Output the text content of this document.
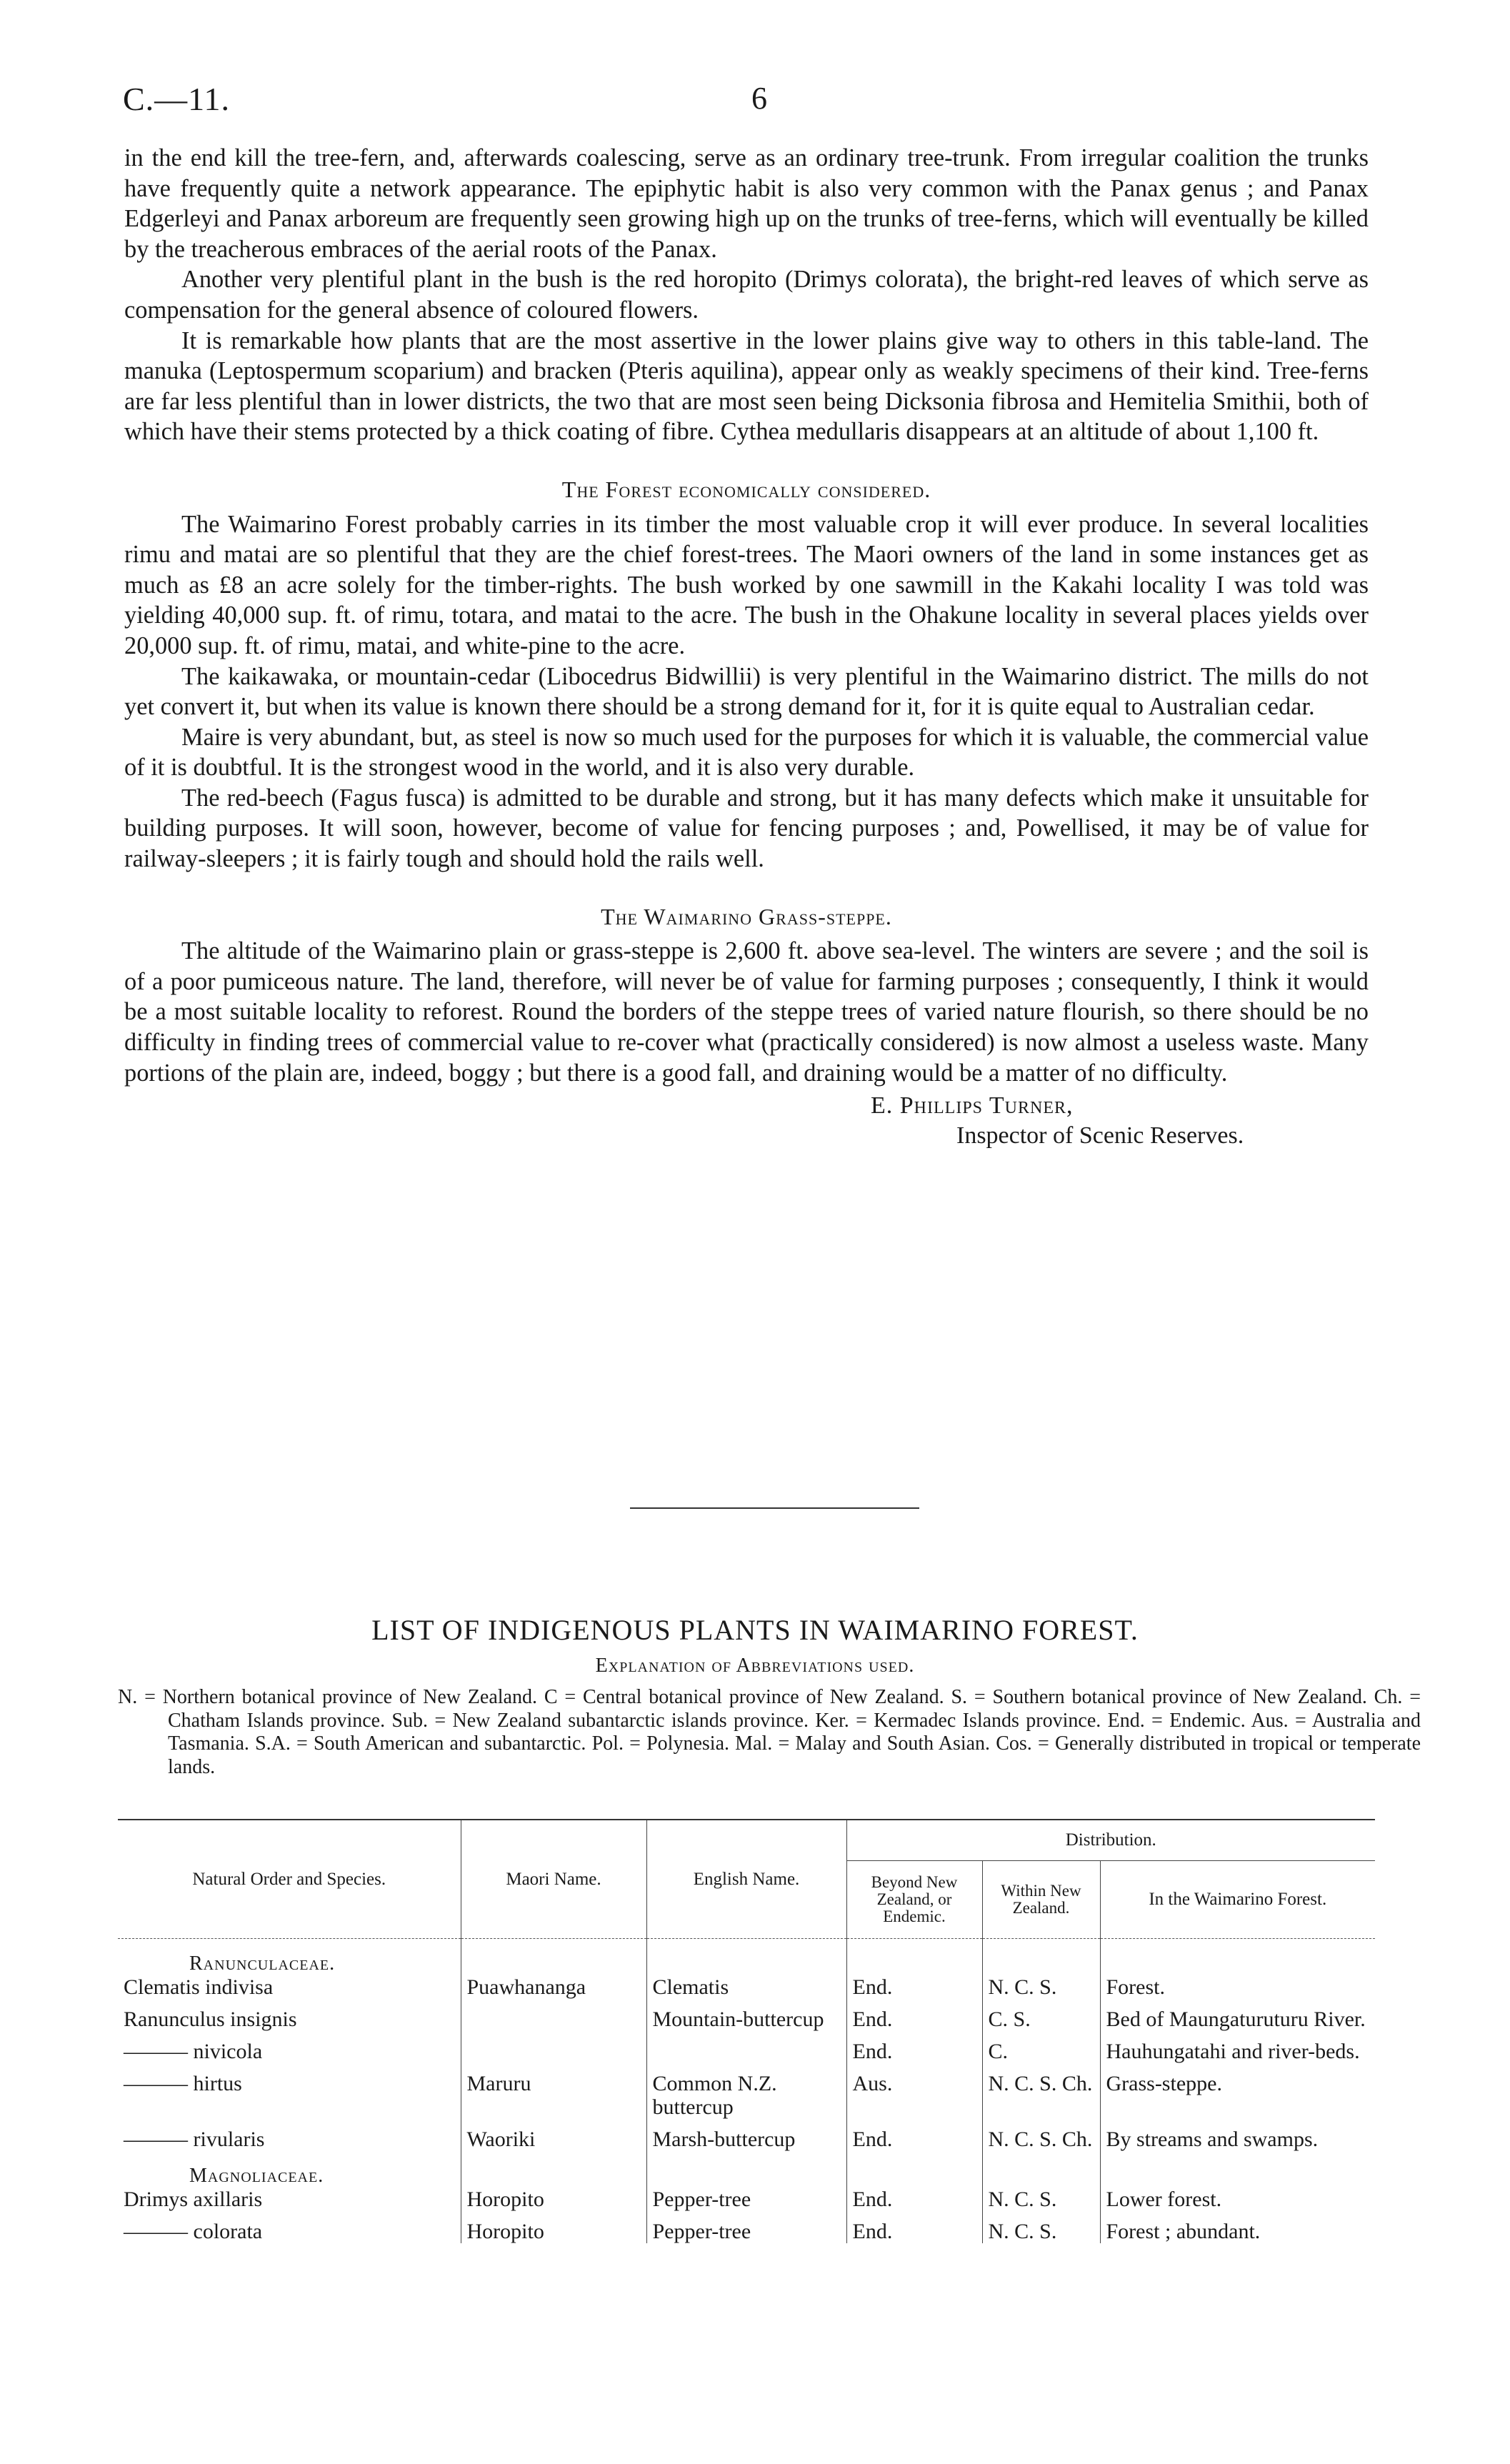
C.—11.	6

in the end kill the tree-fern, and, afterwards coalescing, serve as an ordinary tree-trunk. From irregular coalition the trunks have frequently quite a network appearance. The epiphytic habit is also very common with the Panax genus ; and Panax Edgerleyi and Panax arboreum are frequently seen growing high up on the trunks of tree-ferns, which will eventually be killed by the treacherous embraces of the aerial roots of the Panax.

Another very plentiful plant in the bush is the red horopito (Drimys colorata), the bright-red leaves of which serve as compensation for the general absence of coloured flowers.

It is remarkable how plants that are the most assertive in the lower plains give way to others in this table-land. The manuka (Leptospermum scoparium) and bracken (Pteris aquilina), appear only as weakly specimens of their kind. Tree-ferns are far less plentiful than in lower districts, the two that are most seen being Dicksonia fibrosa and Hemitelia Smithii, both of which have their stems protected by a thick coating of fibre. Cythea medullaris disappears at an altitude of about 1,100 ft.

The Forest economically considered.

The Waimarino Forest probably carries in its timber the most valuable crop it will ever produce. In several localities rimu and matai are so plentiful that they are the chief forest-trees. The Maori owners of the land in some instances get as much as £8 an acre solely for the timber-rights. The bush worked by one sawmill in the Kakahi locality I was told was yielding 40,000 sup. ft. of rimu, totara, and matai to the acre. The bush in the Ohakune locality in several places yields over 20,000 sup. ft. of rimu, matai, and white-pine to the acre.

The kaikawaka, or mountain-cedar (Libocedrus Bidwillii) is very plentiful in the Waimarino district. The mills do not yet convert it, but when its value is known there should be a strong demand for it, for it is quite equal to Australian cedar.

Maire is very abundant, but, as steel is now so much used for the purposes for which it is valuable, the commercial value of it is doubtful. It is the strongest wood in the world, and it is also very durable.

The red-beech (Fagus fusca) is admitted to be durable and strong, but it has many defects which make it unsuitable for building purposes. It will soon, however, become of value for fencing purposes ; and, Powellised, it may be of value for railway-sleepers ; it is fairly tough and should hold the rails well.

The Waimarino Grass-steppe.

The altitude of the Waimarino plain or grass-steppe is 2,600 ft. above sea-level. The winters are severe ; and the soil is of a poor pumiceous nature. The land, therefore, will never be of value for farming purposes ; consequently, I think it would be a most suitable locality to reforest. Round the borders of the steppe trees of varied nature flourish, so there should be no difficulty in finding trees of commercial value to re-cover what (practically considered) is now almost a useless waste. Many portions of the plain are, indeed, boggy ; but there is a good fall, and draining would be a matter of no difficulty.

E. Phillips Turner,
Inspector of Scenic Reserves.
LIST OF INDIGENOUS PLANTS IN WAIMARINO FOREST.
Explanation of Abbreviations used.
N. = Northern botanical province of New Zealand. C = Central botanical province of New Zealand. S. = Southern botanical province of New Zealand. Ch. = Chatham Islands province. Sub. = New Zealand subantarctic islands province. Ker. = Kermadec Islands province. End. = Endemic. Aus. = Australia and Tasmania. S.A. = South American and subantarctic. Pol. = Polynesia. Mal. = Malay and South Asian. Cos. = Generally distributed in tropical or temperate lands.
Natural Order and Species.	Maori Name.	English Name.	Distribution.		
			Beyond New Zealand, or Endemic.	Within New Zealand.	In the Waimarino Forest.
Ranunculaceae.					
Clematis indivisa	Puawhananga	Clematis	End.	N. C. S.	Forest.
Ranunculus insignis		Mountain-buttercup	End.	C. S.	Bed of Maungaturuturu River.
——— nivicola			End.	C.	Hauhungatahi and river-beds.
——— hirtus	Maruru	Common N.Z. buttercup	Aus.	N. C. S. Ch.	Grass-steppe.
——— rivularis	Waoriki	Marsh-buttercup	End.	N. C. S. Ch.	By streams and swamps.
Magnoliaceae.					
Drimys axillaris	Horopito	Pepper-tree	End.	N. C. S.	Lower forest.
——— colorata	Horopito	Pepper-tree	End.	N. C. S.	Forest ; abundant.
